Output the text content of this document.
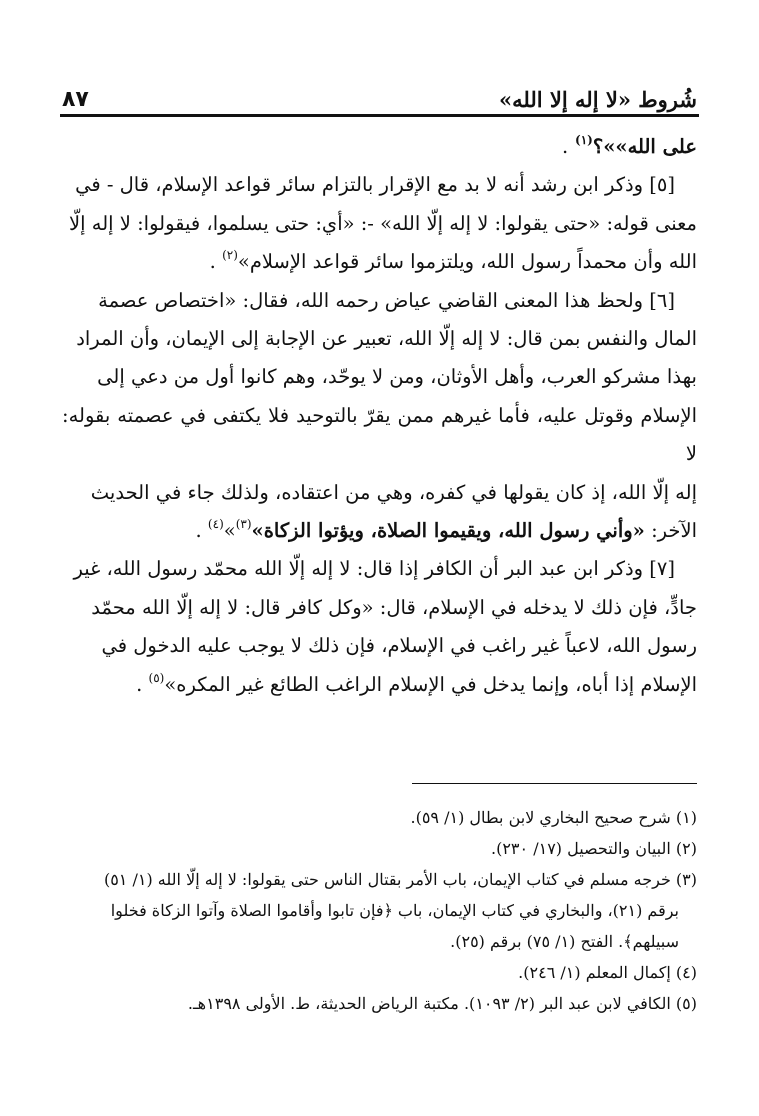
٨٧	شُروط «لا إله إلا الله»
على الله»»؟$^{(١)}$ .
[٥] وذكر ابن رشد أنه لا بد مع الإقرار بالتزام سائر قواعد الإسلام، قال - في
معنى قوله: «حتى يقولوا: لا إله إلّا الله» -: «أي: حتى يسلموا، فيقولوا: لا إله إلّا
الله وأن محمداً رسول الله، ويلتزموا سائر قواعد الإسلام»$^{(٢)}$ .
[٦] ولحظ هذا المعنى القاضي عياض رحمه الله، فقال: «اختصاص عصمة
المال والنفس بمن قال: لا إله إلّا الله، تعبير عن الإجابة إلى الإيمان، وأن المراد
بهذا مشركو العرب، وأهل الأوثان، ومن لا يوحّد، وهم كانوا أول من دعي إلى
الإسلام وقوتل عليه، فأما غيرهم ممن يقرّ بالتوحيد فلا يكتفى في عصمته بقوله: لا
إله إلّا الله، إذ كان يقولها في كفره، وهي من اعتقاده، ولذلك جاء في الحديث
الآخر: «وأني رسول الله، ويقيموا الصلاة، ويؤتوا الزكاة»$^{(٣)}$»$^{(٤)}$ .
[٧] وذكر ابن عبد البر أن الكافر إذا قال: لا إله إلّا الله محمّد رسول الله، غير
جادٍّ، فإن ذلك لا يدخله في الإسلام، قال: «وكل كافر قال: لا إله إلّا الله محمّد
رسول الله، لاعباً غير راغب في الإسلام، فإن ذلك لا يوجب عليه الدخول في
الإسلام إذا أباه، وإنما يدخل في الإسلام الراغب الطائع غير المكره»$^{(٥)}$ .
(١) شرح صحيح البخاري لابن بطال (١/ ٥٩).
(٢) البيان والتحصيل (١٧/ ٢٣٠).
(٣) خرجه مسلم في كتاب الإيمان، باب الأمر بقتال الناس حتى يقولوا: لا إله إلّا الله (١/ ٥١)
برقم (٢١)، والبخاري في كتاب الإيمان، باب ﴿فإن تابوا وأقاموا الصلاة وآتوا الزكاة فخلوا
سبيلهم﴾. الفتح (١/ ٧٥) برقم (٢٥).
(٤) إكمال المعلم (١/ ٢٤٦).
(٥) الكافي لابن عبد البر (٢/ ١٠٩٣). مكتبة الرياض الحديثة، ط. الأولى ١٣٩٨هـ.
